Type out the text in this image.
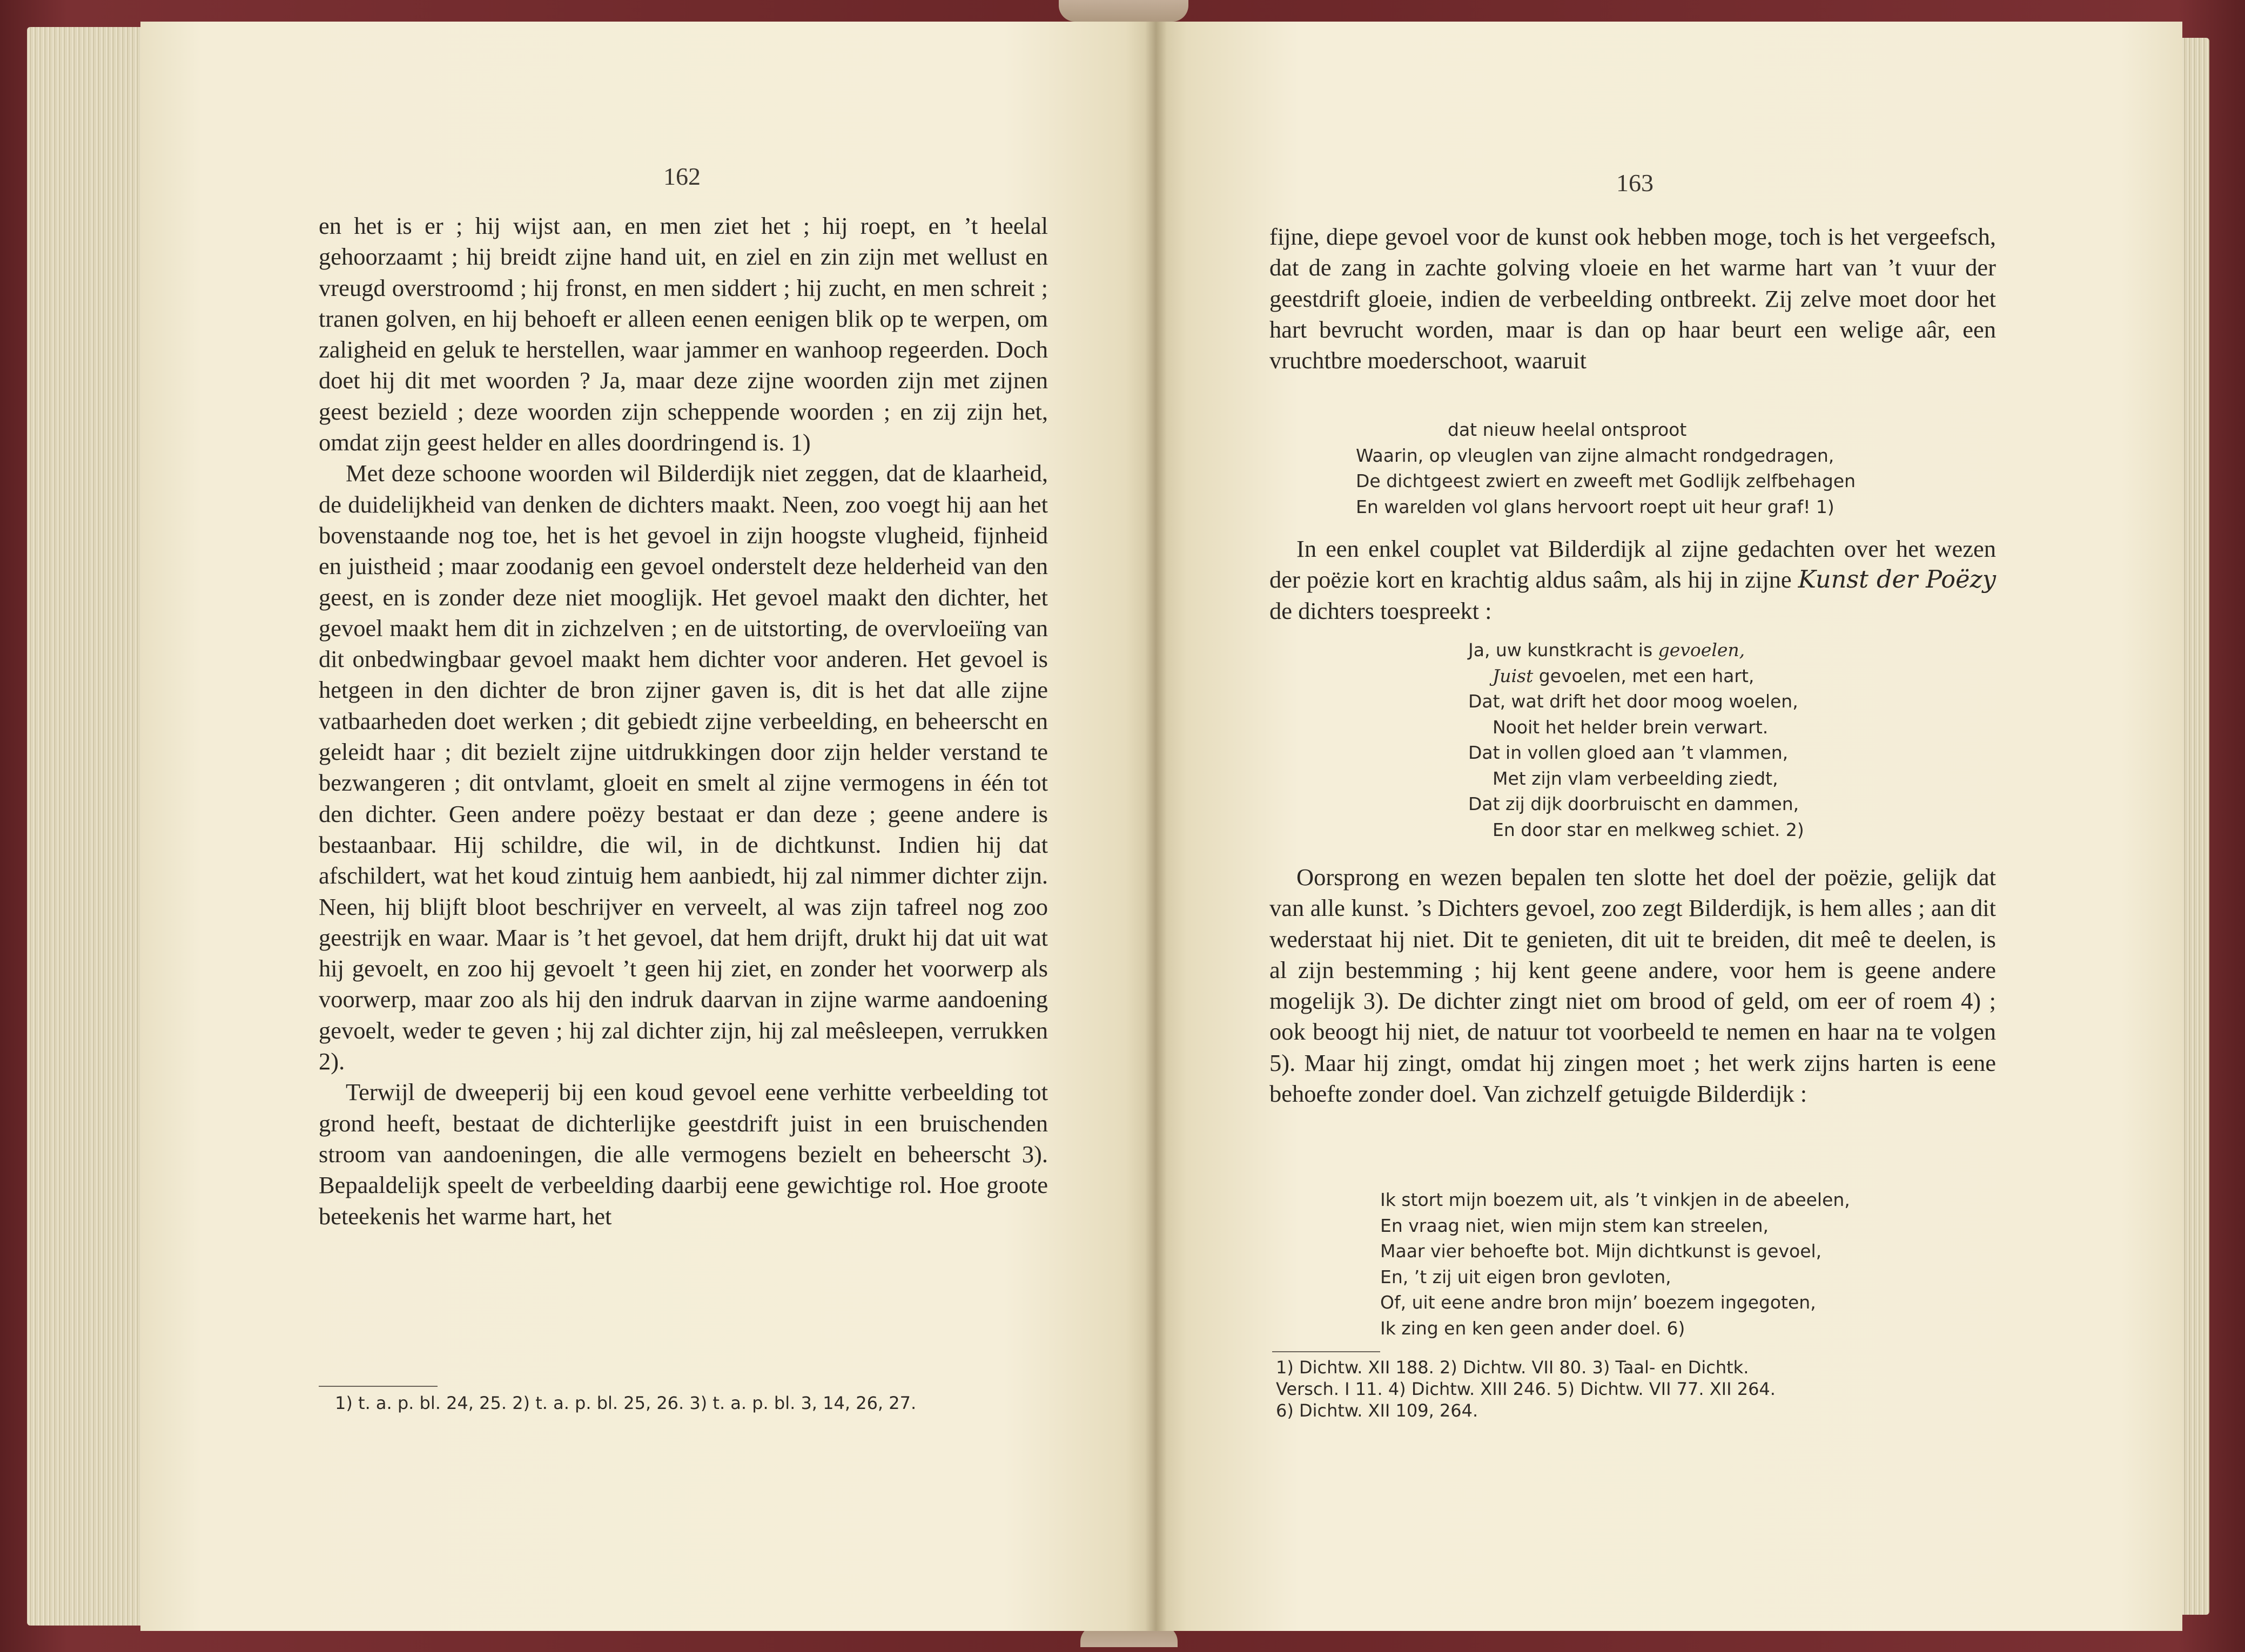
162

en het is er ; hij wijst aan, en men ziet het ; hij roept, en ’t heelal gehoorzaamt ; hij breidt zijne hand uit, en ziel en zin zijn met wellust en vreugd overstroomd ; hij fronst, en men siddert ; hij zucht, en men schreit ; tranen golven, en hij behoeft er alleen eenen eenigen blik op te werpen, om zaligheid en geluk te herstellen, waar jammer en wanhoop regeerden. Doch doet hij dit met woorden ? Ja, maar deze zijne woorden zijn met zijnen geest bezield ; deze woorden zijn scheppende woorden ; en zij zijn het, omdat zijn geest helder en alles doordringend is. 1)

Met deze schoone woorden wil Bilderdijk niet zeggen, dat de klaarheid, de duidelijkheid van denken de dichters maakt. Neen, zoo voegt hij aan het bovenstaande nog toe, het is het gevoel in zijn hoogste vlugheid, fijnheid en juistheid ; maar zoodanig een gevoel onderstelt deze helderheid van den geest, en is zonder deze niet mooglijk. Het gevoel maakt den dichter, het gevoel maakt hem dit in zichzelven ; en de uitstorting, de overvloeiïng van dit onbedwingbaar gevoel maakt hem dichter voor anderen. Het gevoel is hetgeen in den dichter de bron zijner gaven is, dit is het dat alle zijne vatbaarheden doet werken ; dit gebiedt zijne verbeelding, en beheerscht en geleidt haar ; dit bezielt zijne uitdrukkingen door zijn helder verstand te bezwangeren ; dit ontvlamt, gloeit en smelt al zijne vermogens in één tot den dichter. Geen andere poëzy bestaat er dan deze ; geene andere is bestaanbaar. Hij schildre, die wil, in de dichtkunst. Indien hij dat afschildert, wat het koud zintuig hem aanbiedt, hij zal nimmer dichter zijn. Neen, hij blijft bloot beschrijver en verveelt, al was zijn tafreel nog zoo geestrijk en waar. Maar is ’t het gevoel, dat hem drijft, drukt hij dat uit wat hij gevoelt, en zoo hij gevoelt ’t geen hij ziet, en zonder het voorwerp als voorwerp, maar zoo als hij den indruk daarvan in zijne warme aandoening gevoelt, weder te geven ; hij zal dichter zijn, hij zal meêsleepen, verrukken 2).

Terwijl de dweeperij bij een koud gevoel eene verhitte verbeelding tot grond heeft, bestaat de dichterlijke geestdrift juist in een bruischenden stroom van aandoeningen, die alle vermogens bezielt en beheerscht 3). Bepaaldelijk speelt de verbeelding daarbij eene gewichtige rol. Hoe groote beteekenis het warme hart, het

1) t. a. p. bl. 24, 25. 2) t. a. p. bl. 25, 26. 3) t. a. p. bl. 3, 14, 26, 27.
163
fijne, diepe gevoel voor de kunst ook hebben moge, toch is het vergeefsch, dat de zang in zachte golving vloeie en het warme hart van ’t vuur der geestdrift gloeie, indien de verbeelding ontbreekt. Zij zelve moet door het hart bevrucht worden, maar is dan op haar beurt een welige aâr, een vruchtbre moederschoot, waaruit
dat nieuw heelal ontsproot
Waarin, op vleuglen van zijne almacht rondgedragen,
De dichtgeest zwiert en zweeft met Godlijk zelfbehagen
En warelden vol glans hervoort roept uit heur graf! 1)

In een enkel couplet vat Bilderdijk al zijne gedachten over het wezen der poëzie kort en krachtig aldus saâm, als hij in zijne Kunst der Poëzy de dichters toespreekt :

Ja, uw kunstkracht is gevoelen,
Juist gevoelen, met een hart,
Dat, wat drift het door moog woelen,
Nooit het helder brein verwart.
Dat in vollen gloed aan ’t vlammen,
Met zijn vlam verbeelding ziedt,
Dat zij dijk doorbruischt en dammen,
En door star en melkweg schiet. 2)

Oorsprong en wezen bepalen ten slotte het doel der poëzie, gelijk dat van alle kunst. ’s Dichters gevoel, zoo zegt Bilderdijk, is hem alles ; aan dit wederstaat hij niet. Dit te genieten, dit uit te breiden, dit meê te deelen, is al zijn bestemming ; hij kent geene andere, voor hem is geene andere mogelijk 3). De dichter zingt niet om brood of geld, om eer of roem 4) ; ook beoogt hij niet, de natuur tot voorbeeld te nemen en haar na te volgen 5). Maar hij zingt, omdat hij zingen moet ; het werk zijns harten is eene behoefte zonder doel. Van zichzelf getuigde Bilderdijk :

Ik stort mijn boezem uit, als ’t vinkjen in de abeelen,
En vraag niet, wien mijn stem kan streelen,
Maar vier behoefte bot. Mijn dichtkunst is gevoel,
En, ’t zij uit eigen bron gevloten,
Of, uit eene andre bron mijn’ boezem ingegoten,
Ik zing en ken geen ander doel. 6)
1) Dichtw. XII 188. 2) Dichtw. VII 80. 3) Taal- en Dichtk.
Versch. I 11. 4) Dichtw. XIII 246. 5) Dichtw. VII 77. XII 264.
6) Dichtw. XII 109, 264.
